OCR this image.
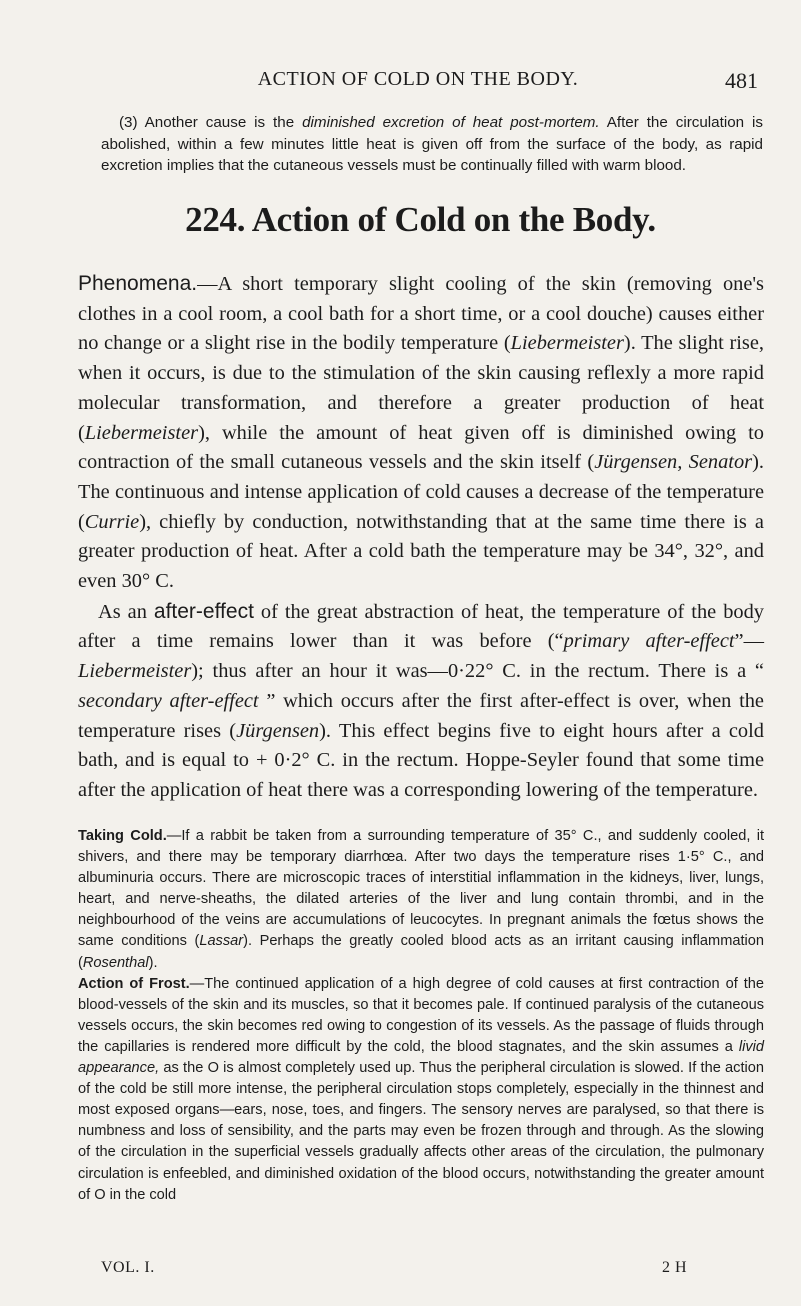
ACTION OF COLD ON THE BODY.	481

(3) Another cause is the diminished excretion of heat post-mortem. After the circulation is abolished, within a few minutes little heat is given off from the surface of the body, as rapid excretion implies that the cutaneous vessels must be continually filled with warm blood.

224. Action of Cold on the Body.

Phenomena.—A short temporary slight cooling of the skin (removing one's clothes in a cool room, a cool bath for a short time, or a cool douche) causes either no change or a slight rise in the bodily temperature (Liebermeister). The slight rise, when it occurs, is due to the stimulation of the skin causing reflexly a more rapid molecular transformation, and therefore a greater production of heat (Liebermeister), while the amount of heat given off is diminished owing to contraction of the small cutaneous vessels and the skin itself (Jürgensen, Senator). The continuous and intense application of cold causes a decrease of the temperature (Currie), chiefly by conduction, notwithstanding that at the same time there is a greater production of heat. After a cold bath the temperature may be 34°, 32°, and even 30° C.

As an after-effect of the great abstraction of heat, the temperature of the body after a time remains lower than it was before (“primary after-effect”—Liebermeister); thus after an hour it was—0·22° C. in the rectum. There is a “ secondary after-effect ” which occurs after the first after-effect is over, when the temperature rises (Jürgensen). This effect begins five to eight hours after a cold bath, and is equal to + 0·2° C. in the rectum. Hoppe-Seyler found that some time after the application of heat there was a corresponding lowering of the temperature.

Taking Cold.—If a rabbit be taken from a surrounding temperature of 35° C., and suddenly cooled, it shivers, and there may be temporary diarrhœa. After two days the temperature rises 1·5° C., and albuminuria occurs. There are microscopic traces of interstitial inflammation in the kidneys, liver, lungs, heart, and nerve-sheaths, the dilated arteries of the liver and lung contain thrombi, and in the neighbourhood of the veins are accumulations of leucocytes. In pregnant animals the fœtus shows the same conditions (Lassar). Perhaps the greatly cooled blood acts as an irritant causing inflammation (Rosenthal).

Action of Frost.—The continued application of a high degree of cold causes at first contraction of the blood-vessels of the skin and its muscles, so that it becomes pale. If continued paralysis of the cutaneous vessels occurs, the skin becomes red owing to congestion of its vessels. As the passage of fluids through the capillaries is rendered more difficult by the cold, the blood stagnates, and the skin assumes a livid appearance, as the O is almost completely used up. Thus the peripheral circulation is slowed. If the action of the cold be still more intense, the peripheral circulation stops completely, especially in the thinnest and most exposed organs—ears, nose, toes, and fingers. The sensory nerves are paralysed, so that there is numbness and loss of sensibility, and the parts may even be frozen through and through. As the slowing of the circulation in the superficial vessels gradually affects other areas of the circulation, the pulmonary circulation is enfeebled, and diminished oxidation of the blood occurs, notwithstanding the greater amount of O in the cold

VOL. I.	2 H
